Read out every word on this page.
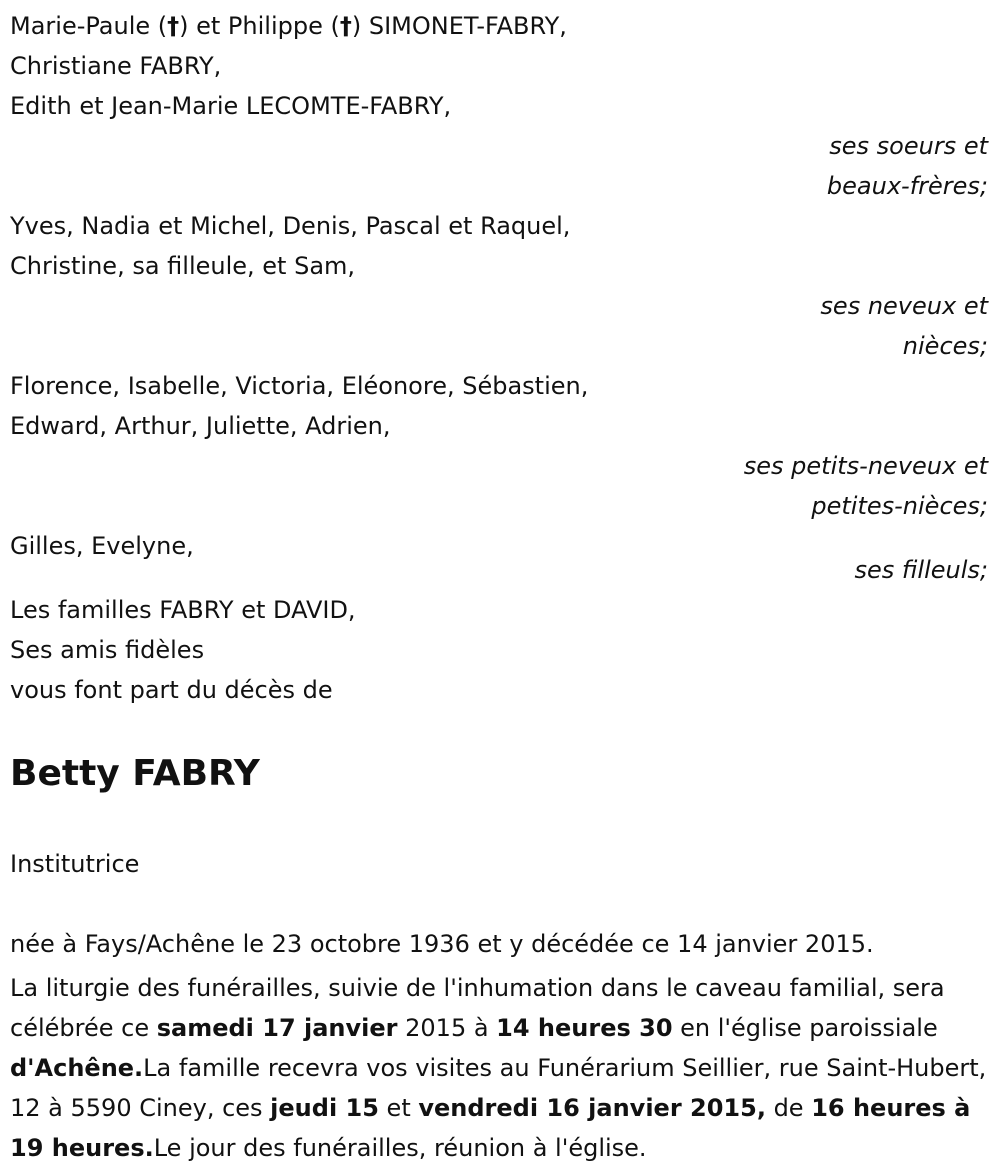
Marie-Paule (†) et Philippe (†) SIMONET-FABRY,
Christiane FABRY,
Edith et Jean-Marie LECOMTE-FABRY,
ses soeurs et
beaux-frères;
Yves, Nadia et Michel, Denis, Pascal et Raquel,
Christine, sa filleule, et Sam,
ses neveux et
nièces;
Florence, Isabelle, Victoria, Eléonore, Sébastien,
Edward, Arthur, Juliette, Adrien,
ses petits-neveux et
petites-nièces;
Gilles, Evelyne,
ses filleuls;
Les familles FABRY et DAVID,
Ses amis fidèles
vous font part du décès de
Betty FABRY
Institutrice
née à Fays/Achêne le 23 octobre 1936 et y décédée ce 14 janvier 2015.
La liturgie des funérailles, suivie de l'inhumation dans le caveau familial, sera célébrée ce samedi 17 janvier 2015 à 14 heures 30 en l'église paroissiale d'Achêne.La famille recevra vos visites au Funérarium Seillier, rue Saint-Hubert, 12 à 5590 Ciney, ces jeudi 15 et vendredi 16 janvier 2015, de 16 heures à 19 heures.Le jour des funérailles, réunion à l'église.
